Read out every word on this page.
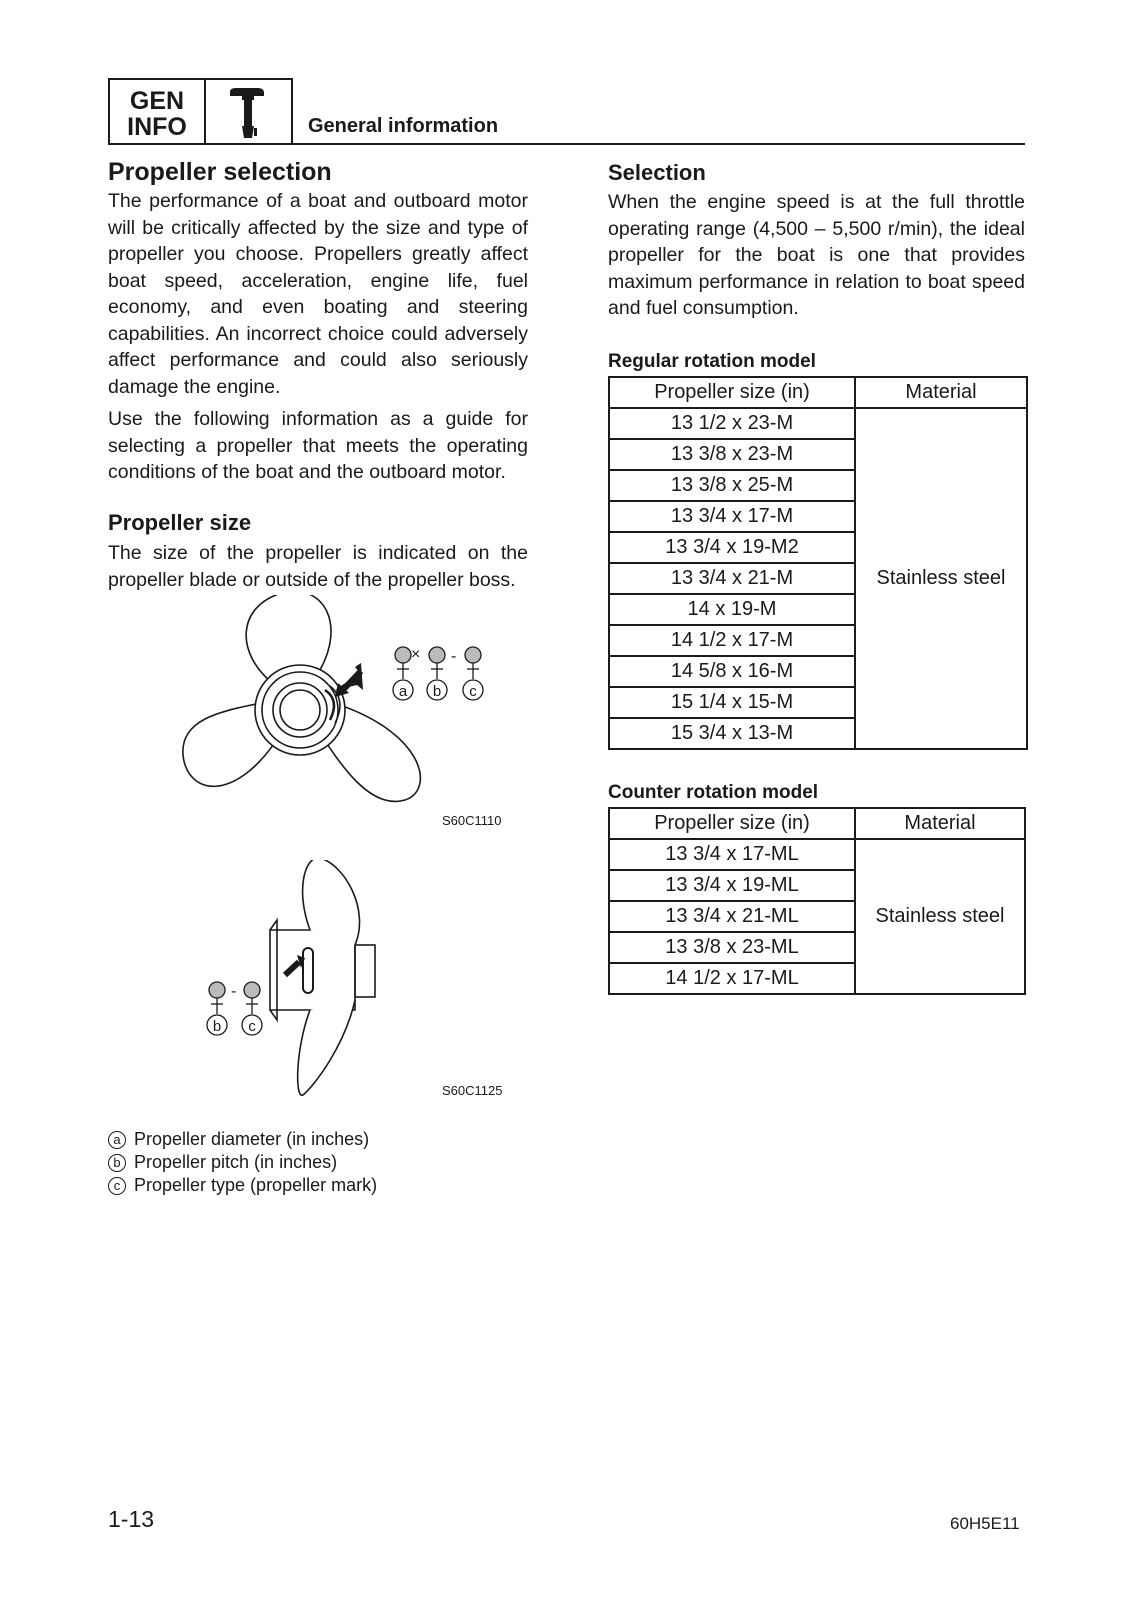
GEN
INFO	General information
Propeller selection

The performance of a boat and outboard motor will be critically affected by the size and type of propeller you choose. Propellers greatly affect boat speed, acceleration, engine life, fuel economy, and even boating and steering capabilities. An incorrect choice could adversely affect performance and could also seriously damage the engine.

Use the following information as a guide for selecting a propeller that meets the operating conditions of the boat and the outboard motor.

Propeller size

The size of the propeller is indicated on the propeller blade or outside of the propeller boss.

× -
a b c
S60C1110
-
b c
S60C1125
a Propeller diameter (in inches)
b Propeller pitch (in inches)
c Propeller type (propeller mark)
Selection

When the engine speed is at the full throttle operating range (4,500 – 5,500 r/min), the ideal propeller for the boat is one that provides maximum performance in relation to boat speed and fuel consumption.

Regular rotation model
Propeller size (in)	Material
13 1/2 x 23-M	Stainless steel
13 3/8 x 23-M	
13 3/8 x 25-M	
13 3/4 x 17-M	
13 3/4 x 19-M2	
13 3/4 x 21-M	
14 x 19-M	
14 1/2 x 17-M	
14 5/8 x 16-M	
15 1/4 x 15-M	
15 3/4 x 13-M	
Counter rotation model
Propeller size (in)	Material
13 3/4 x 17-ML	Stainless steel
13 3/4 x 19-ML	
13 3/4 x 21-ML	
13 3/8 x 23-ML	
14 1/2 x 17-ML	
1-13	60H5E11
